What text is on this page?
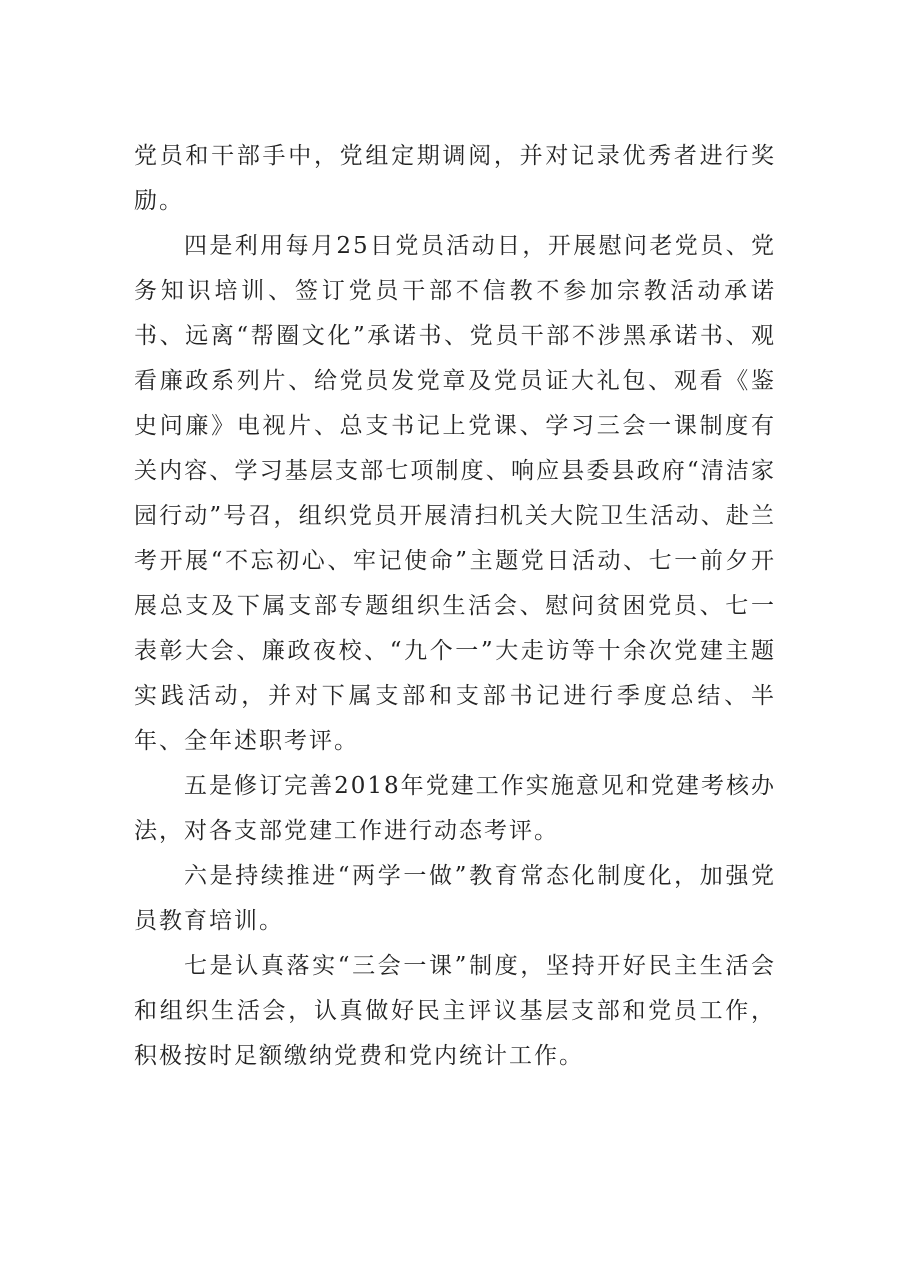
党员和干部手中，党组定期调阅，并对记录优秀者进行奖励。

四是利用每月25日党员活动日，开展慰问老党员、党务知识培训、签订党员干部不信教不参加宗教活动承诺书、远离“帮圈文化”承诺书、党员干部不涉黑承诺书、观看廉政系列片、给党员发党章及党员证大礼包、观看《鉴史问廉》电视片、总支书记上党课、学习三会一课制度有关内容、学习基层支部七项制度、响应县委县政府“清洁家园行动”号召，组织党员开展清扫机关大院卫生活动、赴兰考开展“不忘初心、牢记使命”主题党日活动、七一前夕开展总支及下属支部专题组织生活会、慰问贫困党员、七一表彰大会、廉政夜校、“九个一”大走访等十余次党建主题实践活动，并对下属支部和支部书记进行季度总结、半年、全年述职考评。

五是修订完善2018年党建工作实施意见和党建考核办法，对各支部党建工作进行动态考评。

六是持续推进“两学一做”教育常态化制度化，加强党员教育培训。

七是认真落实“三会一课”制度，坚持开好民主生活会和组织生活会，认真做好民主评议基层支部和党员工作，积极按时足额缴纳党费和党内统计工作。
